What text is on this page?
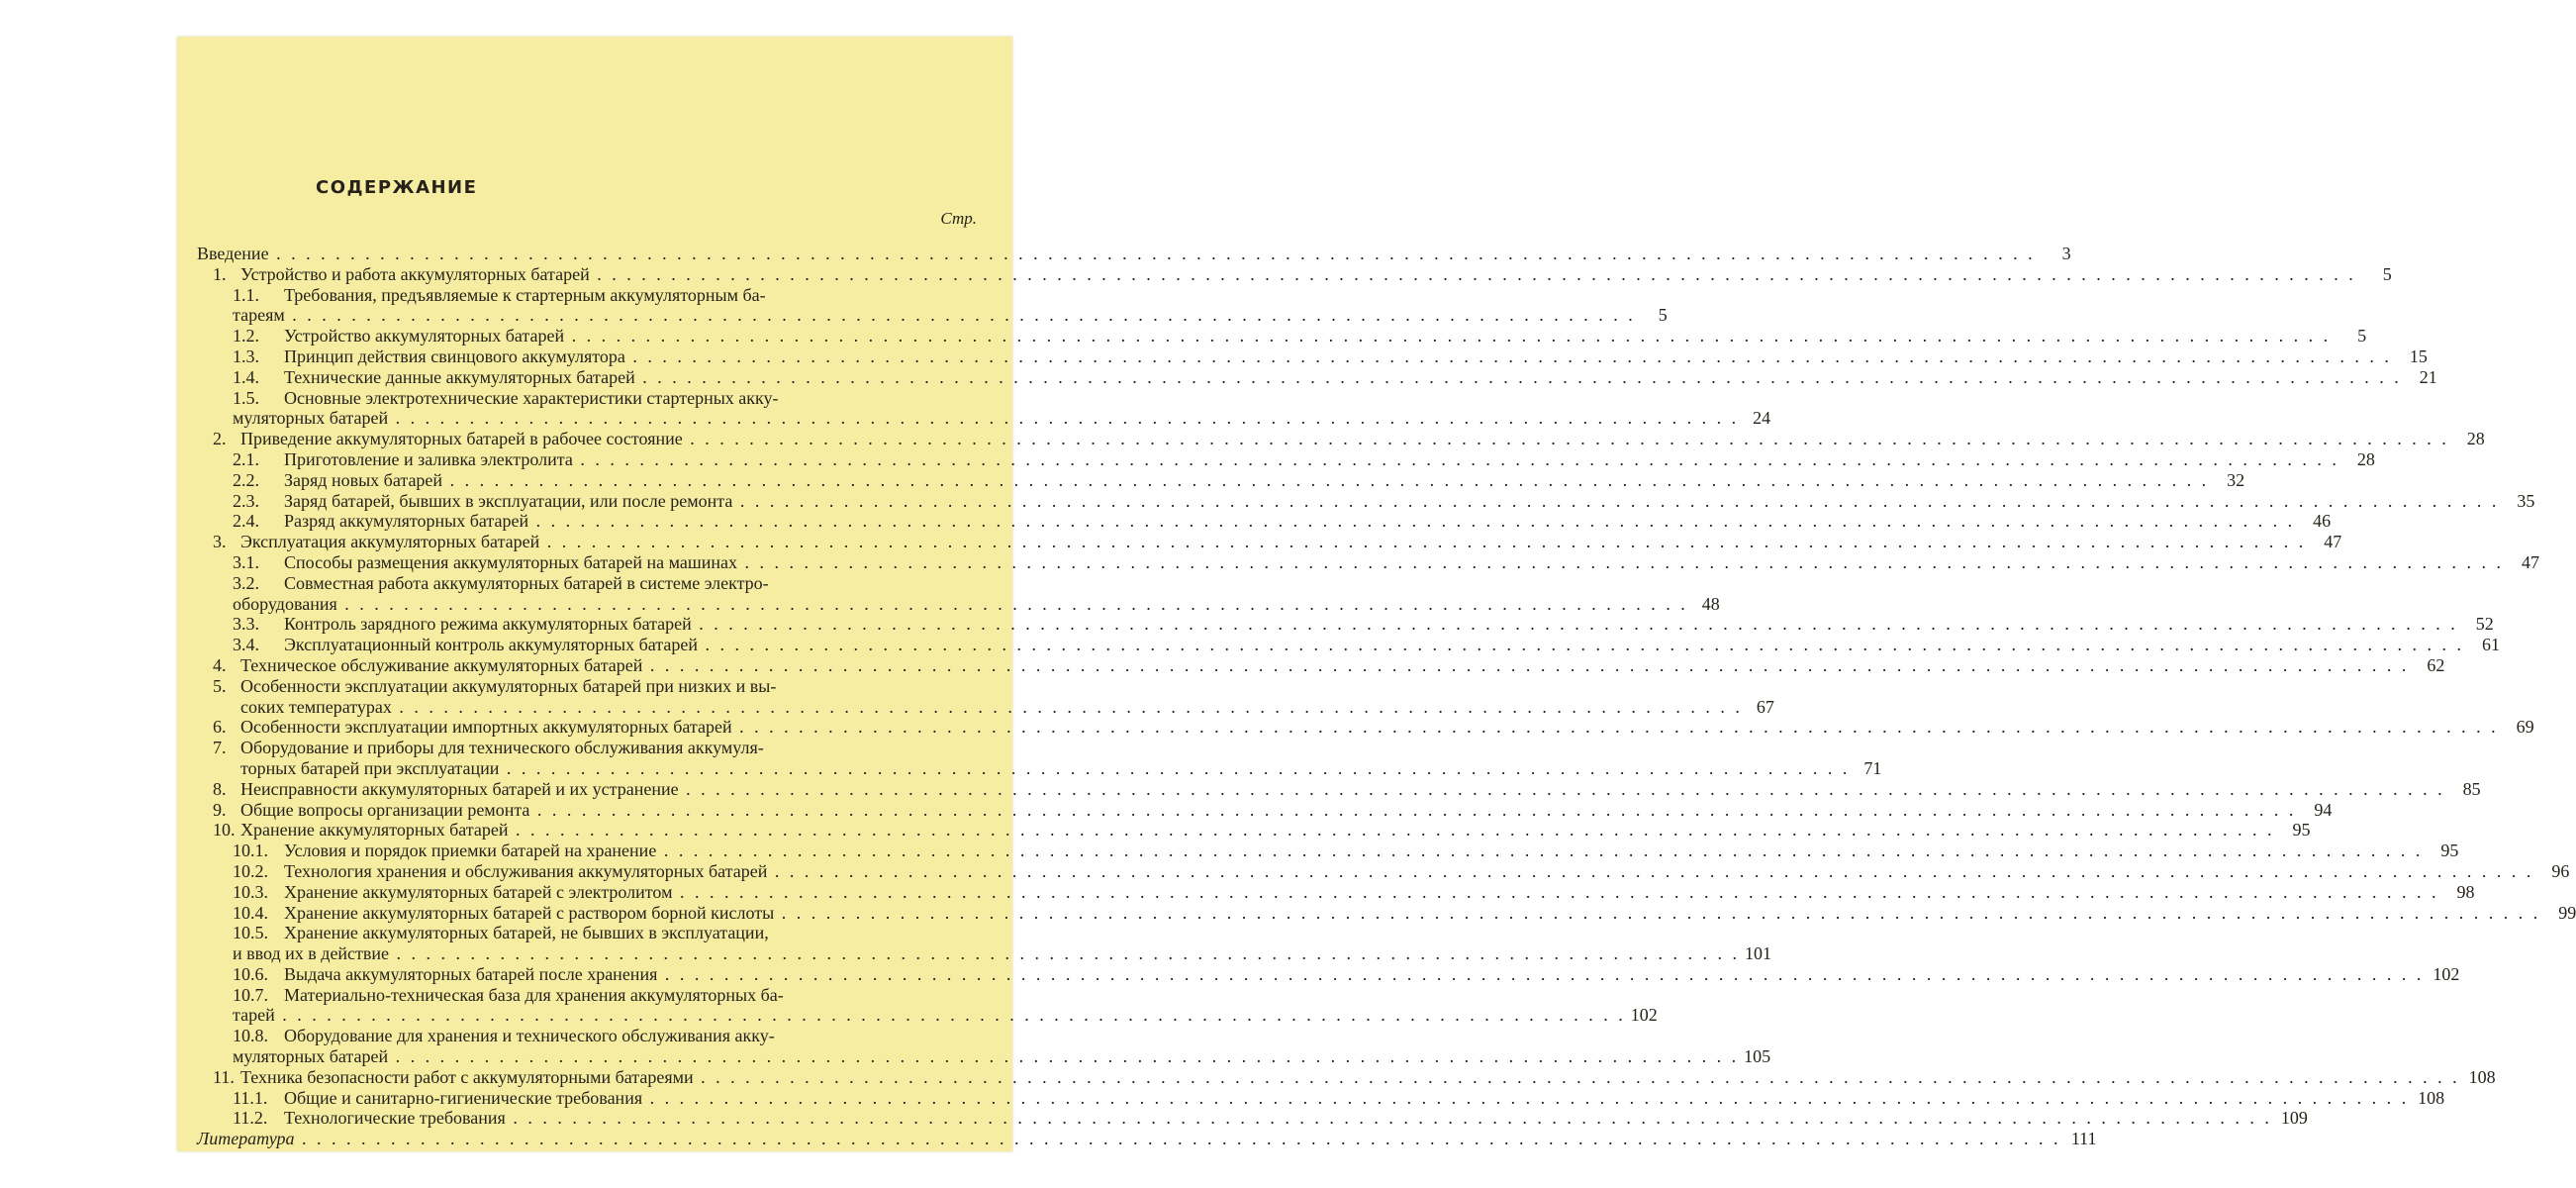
СОДЕРЖАНИЕ
Стр.
Введение . . .	3
1. Устройство и работа аккумуляторных батарей . . .	5
1.1. Требования, предъявляемые к стартерным аккумуляторным ба-
тареям . . .	5
1.2. Устройство аккумуляторных батарей . . .	5
1.3. Принцип действия свинцового аккумулятора . . .	15
1.4. Технические данные аккумуляторных батарей . . .	21
1.5. Основные электротехнические характеристики стартерных акку-
муляторных батарей . . .	24
2. Приведение аккумуляторных батарей в рабочее состояние . . .	28
2.1. Приготовление и заливка электролита . . .	28
2.2. Заряд новых батарей . . .	32
2.3. Заряд батарей, бывших в эксплуатации, или после ремонта . . .	35
2.4. Разряд аккумуляторных батарей . . .	46
3. Эксплуатация аккумуляторных батарей . . .	47
3.1. Способы размещения аккумуляторных батарей на машинах . . .	47
3.2. Совместная работа аккумуляторных батарей в системе электро-
оборудования . . .	48
3.3. Контроль зарядного режима аккумуляторных батарей . . .	52
3.4. Эксплуатационный контроль аккумуляторных батарей . . .	61
4. Техническое обслуживание аккумуляторных батарей . . .	62
5. Особенности эксплуатации аккумуляторных батарей при низких и вы-
соких температурах . . .	67
6. Особенности эксплуатации импортных аккумуляторных батарей . . .	69
7. Оборудование и приборы для технического обслуживания аккумуля-
торных батарей при эксплуатации . . .	71
8. Неисправности аккумуляторных батарей и их устранение . . .	85
9. Общие вопросы организации ремонта . . .	94
10. Хранение аккумуляторных батарей . . .	95
10.1. Условия и порядок приемки батарей на хранение . . .	95
10.2. Технология хранения и обслуживания аккумуляторных батарей . . .	96
10.3. Хранение аккумуляторных батарей с электролитом . . .	98
10.4. Хранение аккумуляторных батарей с раствором борной кислоты . . .	99
10.5. Хранение аккумуляторных батарей, не бывших в эксплуатации,
и ввод их в действие . . .	101
10.6. Выдача аккумуляторных батарей после хранения . . .	102
10.7. Материально-техническая база для хранения аккумуляторных ба-
тарей . . .	102
10.8. Оборудование для хранения и технического обслуживания акку-
муляторных батарей . . .	105
11. Техника безопасности работ с аккумуляторными батареями . . .	108
11.1. Общие и санитарно-гигиенические требования . . .	108
11.2. Технологические требования . . .	109
Литература . . .	111
